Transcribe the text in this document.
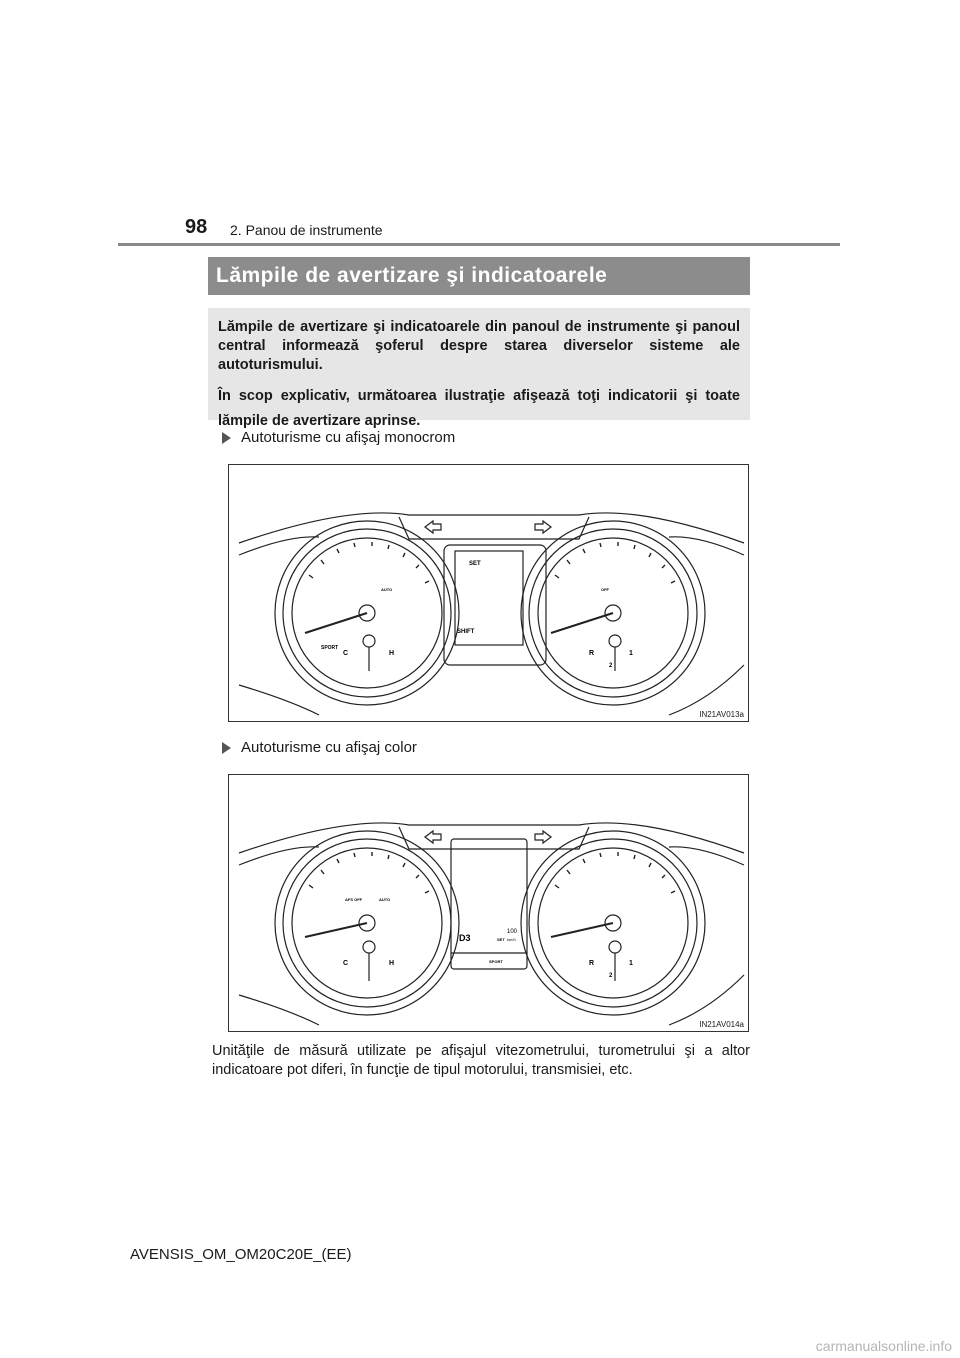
98 2. Panou de instrumente
Lămpile de avertizare şi indicatoarele

Lămpile de avertizare şi indicatoarele din panoul de instrumente şi panoul central informează şoferul despre starea diverselor sisteme ale autoturismului.

În scop explicativ, următoarea ilustraţie afişează toţi indicatorii şi toate lămpile de avertizare aprinse.

Autoturisme cu afişaj monocrom
SET
SHIFT
SPORT
C	H	R	1
2
AUTO	OFF
IN21AV013a
Autoturisme cu afişaj color
D3
100
km/h
SET
SPORT
C	H	R	1
2
AFS OFF	AUTO
IN21AV014a
Unităţile de măsură utilizate pe afişajul vitezometrului, turometrului şi a altor indicatoare pot diferi, în funcţie de tipul motorului, transmisiei, etc.
AVENSIS_OM_OM20C20E_(EE)
carmanualsonline.info
